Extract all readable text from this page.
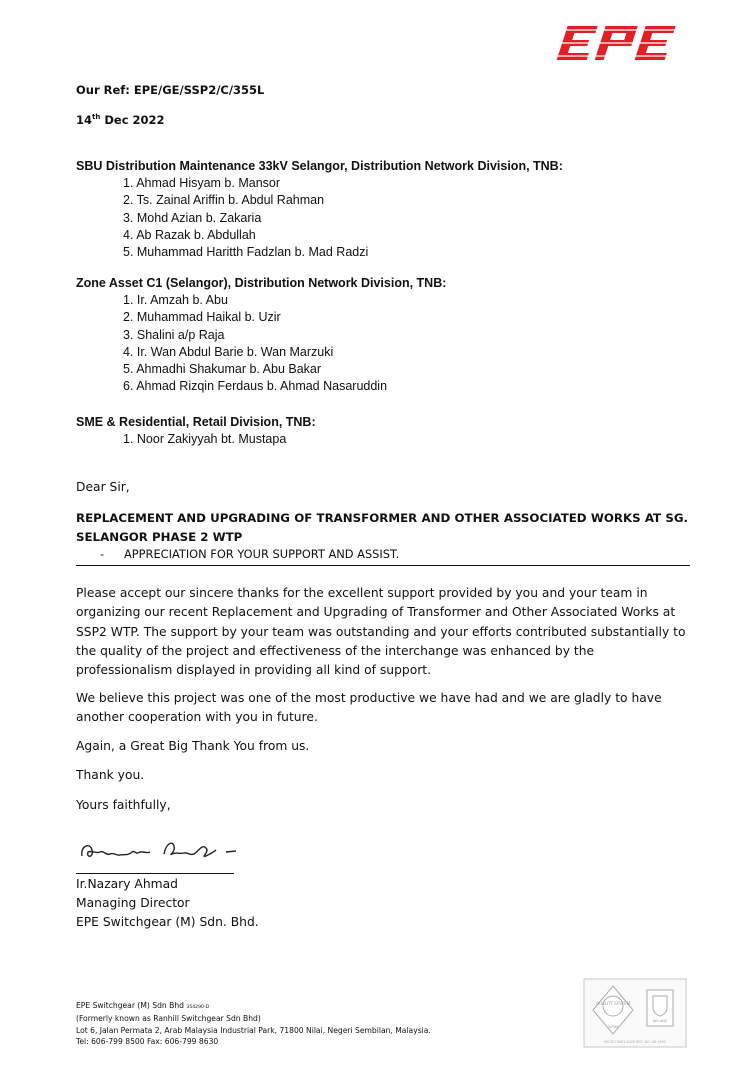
Our Ref: EPE/GE/SSP2/C/355L
14th Dec 2022
SBU Distribution Maintenance 33kV Selangor, Distribution Network Division, TNB:
1. Ahmad Hisyam b. Mansor
2. Ts. Zainal Ariffin b. Abdul Rahman
3. Mohd Azian b. Zakaria
4. Ab Razak b. Abdullah
5. Muhammad Haritth Fadzlan b. Mad Radzi
Zone Asset C1 (Selangor), Distribution Network Division, TNB:
1. Ir. Amzah b. Abu
2. Muhammad Haikal b. Uzir
3. Shalini a/p Raja
4. Ir. Wan Abdul Barie b. Wan Marzuki
5. Ahmadhi Shakumar b. Abu Bakar
6. Ahmad Rizqin Ferdaus b. Ahmad Nasaruddin
SME & Residential, Retail Division, TNB:
1. Noor Zakiyyah bt. Mustapa
Dear Sir,
REPLACEMENT AND UPGRADING OF TRANSFORMER AND OTHER ASSOCIATED WORKS AT SG. SELANGOR PHASE 2 WTP
- APPRECIATION FOR YOUR SUPPORT AND ASSIST.
Please accept our sincere thanks for the excellent support provided by you and your team in organizing our recent Replacement and Upgrading of Transformer and Other Associated Works at SSP2 WTP. The support by your team was outstanding and your efforts contributed substantially to the quality of the project and effectiveness of the interchange was enhanced by the professionalism displayed in providing all kind of support.
We believe this project was one of the most productive we have had and we are gladly to have another cooperation with you in future.
Again, a Great Big Thank You from us.
Thank you.
Yours faithfully,
Ir.Nazary Ahmad
Managing Director
EPE Switchgear (M) Sdn. Bhd.
EPE Switchgear (M) Sdn Bhd 354290-D
(Formerly known as Ranhill Switchgear Sdn Bhd)
Lot 6, Jalan Permata 2, Arab Malaysia Industrial Park, 71800 Nilai, Negeri Sembilan, Malaysia.
Tel: 606-799 8500 Fax: 606-799 8630
QUALITY SYSTEM
SIRIM
JAS-ANZ
MS ISO 9001:2008 REG. NO. AR 1993
